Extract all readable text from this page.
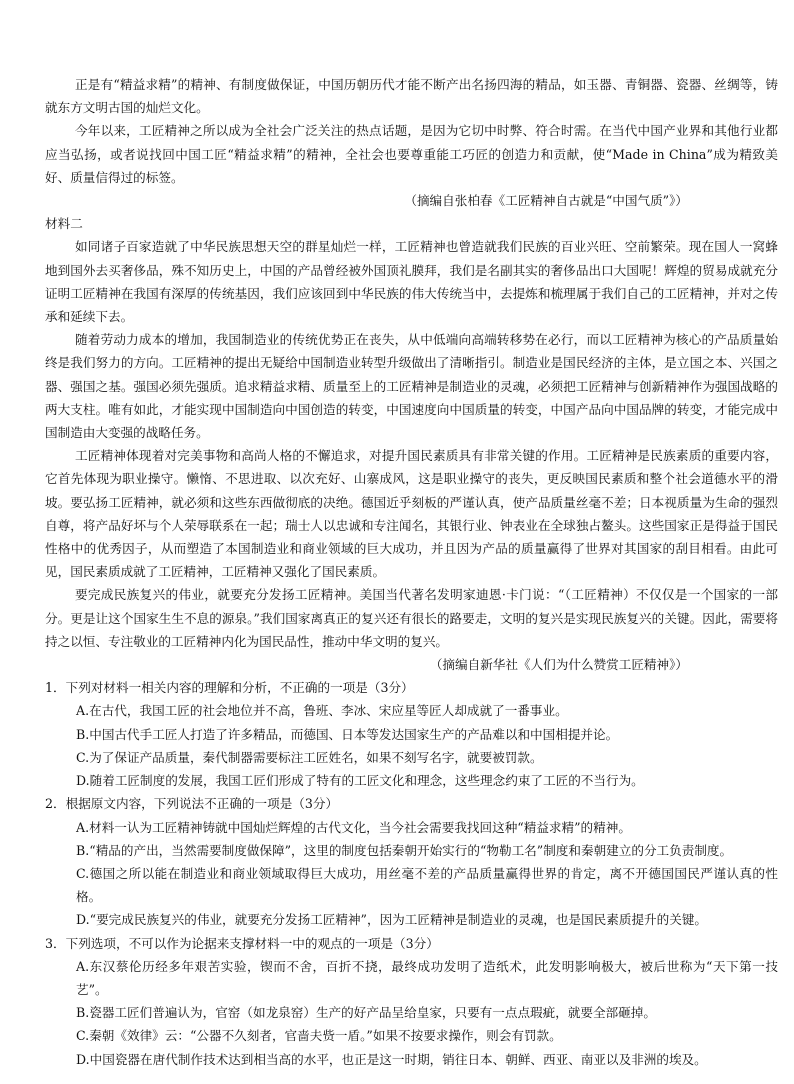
正是有“精益求精”的精神、有制度做保证，中国历朝历代才能不断产出名扬四海的精品，如玉器、青铜器、瓷器、丝绸等，铸就东方文明古国的灿烂文化。

今年以来，工匠精神之所以成为全社会广泛关注的热点话题，是因为它切中时弊、符合时需。在当代中国产业界和其他行业都应当弘扬，或者说找回中国工匠“精益求精”的精神，全社会也要尊重能工巧匠的创造力和贡献，使“Made in China”成为精致美好、质量信得过的标签。

（摘编自张柏春《工匠精神自古就是“中国气质”》）

材料二

如同诸子百家造就了中华民族思想天空的群星灿烂一样，工匠精神也曾造就我们民族的百业兴旺、空前繁荣。现在国人一窝蜂地到国外去买奢侈品，殊不知历史上，中国的产品曾经被外国顶礼膜拜，我们是名副其实的奢侈品出口大国呢！辉煌的贸易成就充分证明工匠精神在我国有深厚的传统基因，我们应该回到中华民族的伟大传统当中，去提炼和梳理属于我们自己的工匠精神，并对之传承和延续下去。

随着劳动力成本的增加，我国制造业的传统优势正在丧失，从中低端向高端转移势在必行，而以工匠精神为核心的产品质量始终是我们努力的方向。工匠精神的提出无疑给中国制造业转型升级做出了清晰指引。制造业是国民经济的主体，是立国之本、兴国之器、强国之基。强国必须先强质。追求精益求精、质量至上的工匠精神是制造业的灵魂，必须把工匠精神与创新精神作为强国战略的两大支柱。唯有如此，才能实现中国制造向中国创造的转变，中国速度向中国质量的转变，中国产品向中国品牌的转变，才能完成中国制造由大变强的战略任务。

工匠精神体现着对完美事物和高尚人格的不懈追求，对提升国民素质具有非常关键的作用。工匠精神是民族素质的重要内容，它首先体现为职业操守。懒惰、不思进取、以次充好、山寨成风，这是职业操守的丧失，更反映国民素质和整个社会道德水平的滑坡。要弘扬工匠精神，就必须和这些东西做彻底的决绝。德国近乎刻板的严谨认真，使产品质量丝毫不差；日本视质量为生命的强烈自尊，将产品好坏与个人荣辱联系在一起；瑞士人以忠诚和专注闻名，其银行业、钟表业在全球独占鳌头。这些国家正是得益于国民性格中的优秀因子，从而塑造了本国制造业和商业领域的巨大成功，并且因为产品的质量赢得了世界对其国家的刮目相看。由此可见，国民素质成就了工匠精神，工匠精神又强化了国民素质。

要完成民族复兴的伟业，就要充分发扬工匠精神。美国当代著名发明家迪恩·卡门说：“（工匠精神）不仅仅是一个国家的一部分。更是让这个国家生生不息的源泉。”我们国家离真正的复兴还有很长的路要走，文明的复兴是实现民族复兴的关键。因此，需要将持之以恒、专注敬业的工匠精神内化为国民品性，推动中华文明的复兴。

（摘编自新华社《人们为什么赞赏工匠精神》）

1．下列对材料一相关内容的理解和分析，不正确的一项是（3分）

A.在古代，我国工匠的社会地位并不高，鲁班、李冰、宋应星等匠人却成就了一番事业。

B.中国古代手工匠人打造了许多精品，而德国、日本等发达国家生产的产品难以和中国相提并论。

C.为了保证产品质量，秦代制器需要标注工匠姓名，如果不刻写名字，就要被罚款。

D.随着工匠制度的发展，我国工匠们形成了特有的工匠文化和理念，这些理念约束了工匠的不当行为。

2．根据原文内容，下列说法不正确的一项是（3分）

A.材料一认为工匠精神铸就中国灿烂辉煌的古代文化，当今社会需要我找回这种“精益求精”的精神。

B.“精品的产出，当然需要制度做保障”，这里的制度包括秦朝开始实行的“物勒工名”制度和秦朝建立的分工负责制度。

C.德国之所以能在制造业和商业领域取得巨大成功，用丝毫不差的产品质量赢得世界的肯定，离不开德国国民严谨认真的性格。

D.“要完成民族复兴的伟业，就要充分发扬工匠精神”，因为工匠精神是制造业的灵魂，也是国民素质提升的关键。

3．下列选项，不可以作为论据来支撑材料一中的观点的一项是（3分）

A.东汉蔡伦历经多年艰苦实验，锲而不舍，百折不挠，最终成功发明了造纸术，此发明影响极大，被后世称为“天下第一技艺”。

B.瓷器工匠们普遍认为，官窑（如龙泉窑）生产的好产品呈给皇家，只要有一点点瑕疵，就要全部砸掉。

C.秦朝《效律》云：“公器不久刻者，官啬夫赀一盾。”如果不按要求操作，则会有罚款。

D.中国瓷器在唐代制作技术达到相当高的水平，也正是这一时期，销往日本、朝鲜、西亚、南亚以及非洲的埃及。
